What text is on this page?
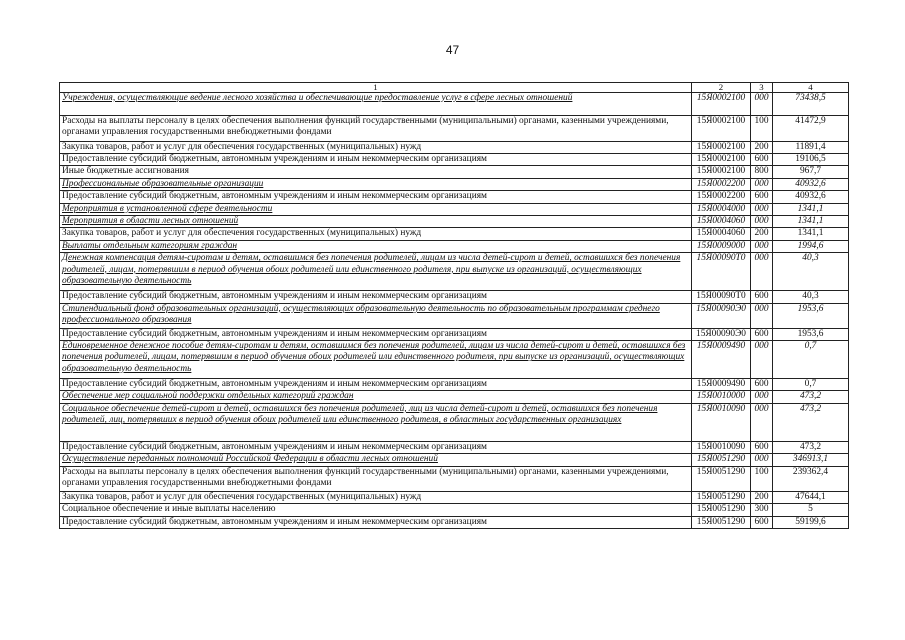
47
1	2	3	4
Учреждения, осуществляющие ведение лесного хозяйства и обеспечивающие предоставление услуг в сфере лесных отношений	15Я0002100	000	73438,5
Расходы на выплаты персоналу в целях обеспечения выполнения функций государственными (муниципальными) органами, казенными учреждениями, органами управления государственными внебюджетными фондами	15Я0002100	100	41472,9
Закупка товаров, работ и услуг для обеспечения государственных (муниципальных) нужд	15Я0002100	200	11891,4
Предоставление субсидий бюджетным, автономным учреждениям и иным некоммерческим организациям	15Я0002100	600	19106,5
Иные бюджетные ассигнования	15Я0002100	800	967,7
Профессиональные образовательные организации	15Я0002200	000	40932,6
Предоставление субсидий бюджетным, автономным учреждениям и иным некоммерческим организациям	15Я0002200	600	40932,6
Мероприятия в установленной сфере деятельности	15Я0004000	000	1341,1
Мероприятия в области лесных отношений	15Я0004060	000	1341,1
Закупка товаров, работ и услуг для обеспечения государственных (муниципальных) нужд	15Я0004060	200	1341,1
Выплаты отдельным категориям граждан	15Я0009000	000	1994,6
Денежная компенсация детям-сиротам и детям, оставшимся без попечения родителей, лицам из числа детей-сирот и детей, оставшихся без попечения родителей, лицам, потерявшим в период обучения обоих родителей или единственного родителя, при выпуске из организаций, осуществляющих образовательную деятельность	15Я00090Т0	000	40,3
Предоставление субсидий бюджетным, автономным учреждениям и иным некоммерческим организациям	15Я00090Т0	600	40,3
Стипендиальный фонд образовательных организаций, осуществляющих образовательную деятельность по образовательным программам среднего профессионального образования	15Я00090Э0	000	1953,6
Предоставление субсидий бюджетным, автономным учреждениям и иным некоммерческим организациям	15Я00090Э0	600	1953,6
Единовременное денежное пособие детям-сиротам и детям, оставшимся без попечения родителей, лицам из числа детей-сирот и детей, оставшихся без попечения родителей, лицам, потерявшим в период обучения обоих родителей или единственного родителя, при выпуске из организаций, осуществляющих образовательную деятельность	15Я0009490	000	0,7
Предоставление субсидий бюджетным, автономным учреждениям и иным некоммерческим организациям	15Я0009490	600	0,7
Обеспечение мер социальной поддержки отдельных категорий граждан	15Я0010000	000	473,2
Социальное обеспечение детей-сирот и детей, оставшихся без попечения родителей, лиц из числа детей-сирот и детей, оставшихся без попечения родителей, лиц, потерявших в период обучения обоих родителей или единственного родителя, в областных государственных организациях	15Я0010090	000	473,2
Предоставление субсидий бюджетным, автономным учреждениям и иным некоммерческим организациям	15Я0010090	600	473,2
Осуществление переданных полномочий Российской Федерации в области лесных отношений	15Я0051290	000	346913,1
Расходы на выплаты персоналу в целях обеспечения выполнения функций государственными (муниципальными) органами, казенными учреждениями, органами управления государственными внебюджетными фондами	15Я0051290	100	239362,4
Закупка товаров, работ и услуг для обеспечения государственных (муниципальных) нужд	15Я0051290	200	47644,1
Социальное обеспечение и иные выплаты населению	15Я0051290	300	5
Предоставление субсидий бюджетным, автономным учреждениям и иным некоммерческим организациям	15Я0051290	600	59199,6
